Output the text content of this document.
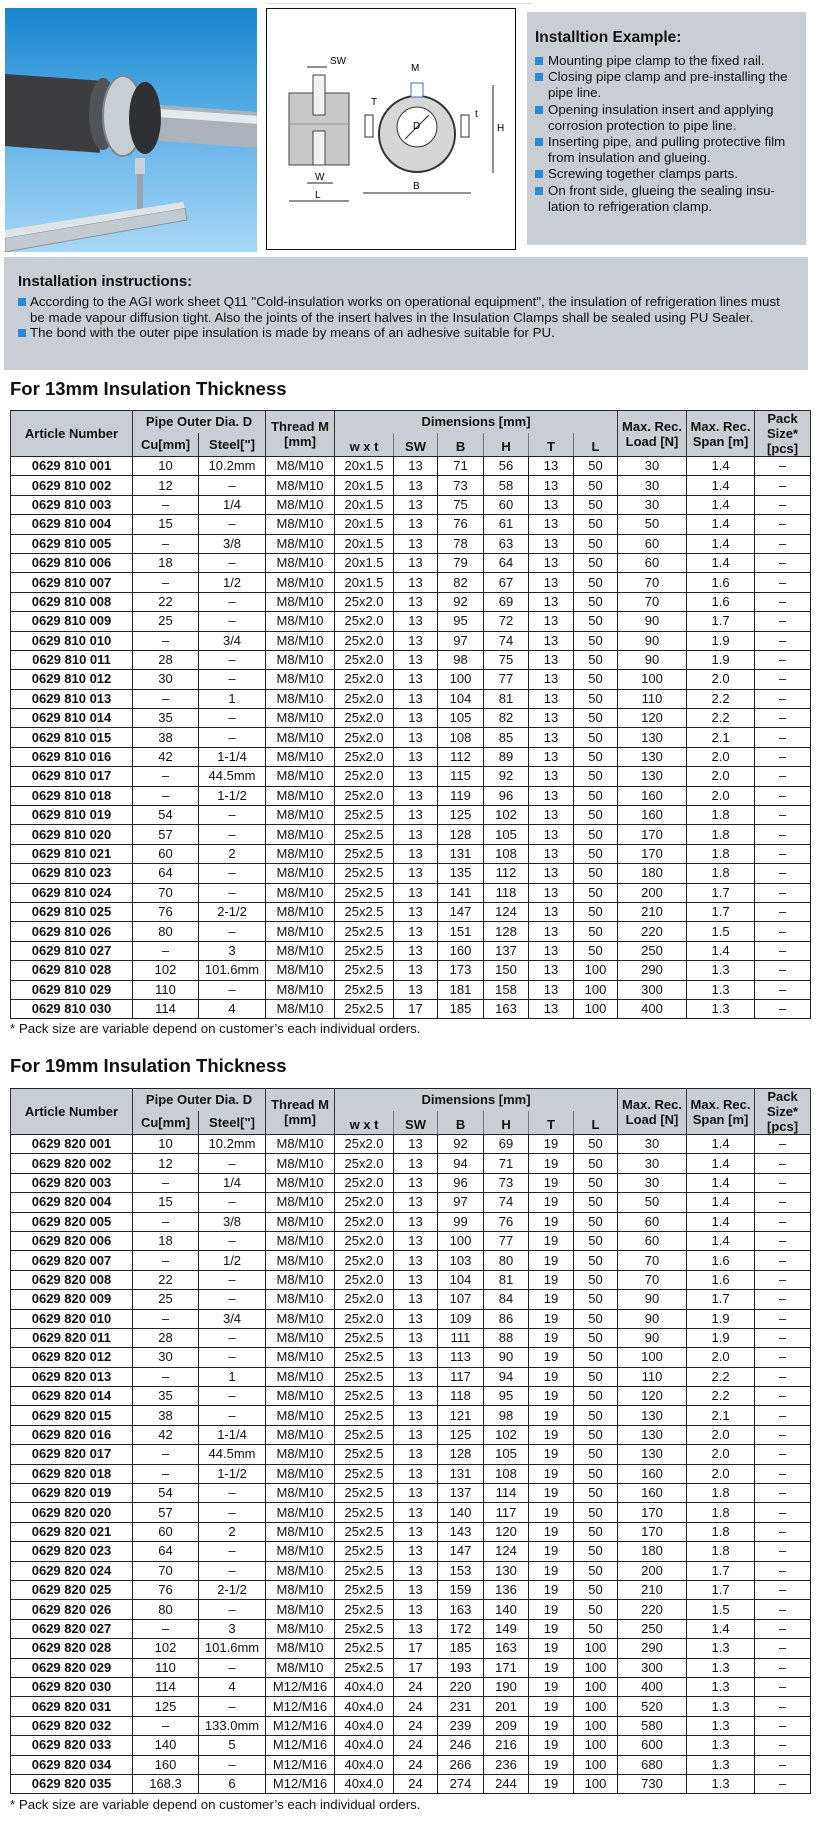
SW
W
L
D
M
H
T
t
B
Installtion Example:
Mounting pipe clamp to the fixed rail.
Closing pipe clamp and pre-installing the pipe line.
Opening insulation insert and applying corrosion protection to pipe line.
Inserting pipe, and pulling protective film from insulation and glueing.
Screwing together clamps parts.
On front side, glueing the sealing insu-lation to refrigeration clamp.
Installation instructions:
According to the AGI work sheet Q11 "Cold-insulation works on operational equipment", the insulation of refrigeration lines must be made vapour diffusion tight. Also the joints of the insert halves in the Insulation Clamps shall be sealed using PU Sealer.
The bond with the outer pipe insulation is made by means of an adhesive suitable for PU.
For 13mm Insulation Thickness
Article Number	Pipe Outer Dia. D		Thread M [mm]	Dimensions [mm]						Max. Rec. Load [N]	Max. Rec. Span [m]	Pack Size* [pcs]
	Cu[mm]	Steel["]		w x t	SW	B	H	T	L			
0629 810 001	10	10.2mm	M8/M10	20x1.5	13	71	56	13	50	30	1.4	–
0629 810 002	12	–	M8/M10	20x1.5	13	73	58	13	50	30	1.4	–
0629 810 003	–	1/4	M8/M10	20x1.5	13	75	60	13	50	30	1.4	–
0629 810 004	15	–	M8/M10	20x1.5	13	76	61	13	50	50	1.4	–
0629 810 005	–	3/8	M8/M10	20x1.5	13	78	63	13	50	60	1.4	–
0629 810 006	18	–	M8/M10	20x1.5	13	79	64	13	50	60	1.4	–
0629 810 007	–	1/2	M8/M10	20x1.5	13	82	67	13	50	70	1.6	–
0629 810 008	22	–	M8/M10	25x2.0	13	92	69	13	50	70	1.6	–
0629 810 009	25	–	M8/M10	25x2.0	13	95	72	13	50	90	1.7	–
0629 810 010	–	3/4	M8/M10	25x2.0	13	97	74	13	50	90	1.9	–
0629 810 011	28	–	M8/M10	25x2.0	13	98	75	13	50	90	1.9	–
0629 810 012	30	–	M8/M10	25x2.0	13	100	77	13	50	100	2.0	–
0629 810 013	–	1	M8/M10	25x2.0	13	104	81	13	50	110	2.2	–
0629 810 014	35	–	M8/M10	25x2.0	13	105	82	13	50	120	2.2	–
0629 810 015	38	–	M8/M10	25x2.0	13	108	85	13	50	130	2.1	–
0629 810 016	42	1-1/4	M8/M10	25x2.0	13	112	89	13	50	130	2.0	–
0629 810 017	–	44.5mm	M8/M10	25x2.0	13	115	92	13	50	130	2.0	–
0629 810 018	–	1-1/2	M8/M10	25x2.0	13	119	96	13	50	160	2.0	–
0629 810 019	54	–	M8/M10	25x2.5	13	125	102	13	50	160	1.8	–
0629 810 020	57	–	M8/M10	25x2.5	13	128	105	13	50	170	1.8	–
0629 810 021	60	2	M8/M10	25x2.5	13	131	108	13	50	170	1.8	–
0629 810 023	64	–	M8/M10	25x2.5	13	135	112	13	50	180	1.8	–
0629 810 024	70	–	M8/M10	25x2.5	13	141	118	13	50	200	1.7	–
0629 810 025	76	2-1/2	M8/M10	25x2.5	13	147	124	13	50	210	1.7	–
0629 810 026	80	–	M8/M10	25x2.5	13	151	128	13	50	220	1.5	–
0629 810 027	–	3	M8/M10	25x2.5	13	160	137	13	50	250	1.4	–
0629 810 028	102	101.6mm	M8/M10	25x2.5	13	173	150	13	100	290	1.3	–
0629 810 029	110	–	M8/M10	25x2.5	13	181	158	13	100	300	1.3	–
0629 810 030	114	4	M8/M10	25x2.5	17	185	163	13	100	400	1.3	–

* Pack size are variable depend on customer’s each individual orders.

For 19mm Insulation Thickness
Article Number	Pipe Outer Dia. D		Thread M [mm]	Dimensions [mm]						Max. Rec. Load [N]	Max. Rec. Span [m]	Pack Size* [pcs]
	Cu[mm]	Steel["]		w x t	SW	B	H	T	L			
0629 820 001	10	10.2mm	M8/M10	25x2.0	13	92	69	19	50	30	1.4	–
0629 820 002	12	–	M8/M10	25x2.0	13	94	71	19	50	30	1.4	–
0629 820 003	–	1/4	M8/M10	25x2.0	13	96	73	19	50	30	1.4	–
0629 820 004	15	–	M8/M10	25x2.0	13	97	74	19	50	50	1.4	–
0629 820 005	–	3/8	M8/M10	25x2.0	13	99	76	19	50	60	1.4	–
0629 820 006	18	–	M8/M10	25x2.0	13	100	77	19	50	60	1.4	–
0629 820 007	–	1/2	M8/M10	25x2.0	13	103	80	19	50	70	1.6	–
0629 820 008	22	–	M8/M10	25x2.0	13	104	81	19	50	70	1.6	–
0629 820 009	25	–	M8/M10	25x2.0	13	107	84	19	50	90	1.7	–
0629 820 010	–	3/4	M8/M10	25x2.0	13	109	86	19	50	90	1.9	–
0629 820 011	28	–	M8/M10	25x2.5	13	111	88	19	50	90	1.9	–
0629 820 012	30	–	M8/M10	25x2.5	13	113	90	19	50	100	2.0	–
0629 820 013	–	1	M8/M10	25x2.5	13	117	94	19	50	110	2.2	–
0629 820 014	35	–	M8/M10	25x2.5	13	118	95	19	50	120	2.2	–
0629 820 015	38	–	M8/M10	25x2.5	13	121	98	19	50	130	2.1	–
0629 820 016	42	1-1/4	M8/M10	25x2.5	13	125	102	19	50	130	2.0	–
0629 820 017	–	44.5mm	M8/M10	25x2.5	13	128	105	19	50	130	2.0	–
0629 820 018	–	1-1/2	M8/M10	25x2.5	13	131	108	19	50	160	2.0	–
0629 820 019	54	–	M8/M10	25x2.5	13	137	114	19	50	160	1.8	–
0629 820 020	57	–	M8/M10	25x2.5	13	140	117	19	50	170	1.8	–
0629 820 021	60	2	M8/M10	25x2.5	13	143	120	19	50	170	1.8	–
0629 820 023	64	–	M8/M10	25x2.5	13	147	124	19	50	180	1.8	–
0629 820 024	70	–	M8/M10	25x2.5	13	153	130	19	50	200	1.7	–
0629 820 025	76	2-1/2	M8/M10	25x2.5	13	159	136	19	50	210	1.7	–
0629 820 026	80	–	M8/M10	25x2.5	13	163	140	19	50	220	1.5	–
0629 820 027	–	3	M8/M10	25x2.5	13	172	149	19	50	250	1.4	–
0629 820 028	102	101.6mm	M8/M10	25x2.5	17	185	163	19	100	290	1.3	–
0629 820 029	110	–	M8/M10	25x2.5	17	193	171	19	100	300	1.3	–
0629 820 030	114	4	M12/M16	40x4.0	24	220	190	19	100	400	1.3	–
0629 820 031	125	–	M12/M16	40x4.0	24	231	201	19	100	520	1.3	–
0629 820 032	–	133.0mm	M12/M16	40x4.0	24	239	209	19	100	580	1.3	–
0629 820 033	140	5	M12/M16	40x4.0	24	246	216	19	100	600	1.3	–
0629 820 034	160	–	M12/M16	40x4.0	24	266	236	19	100	680	1.3	–
0629 820 035	168.3	6	M12/M16	40x4.0	24	274	244	19	100	730	1.3	–

* Pack size are variable depend on customer’s each individual orders.
